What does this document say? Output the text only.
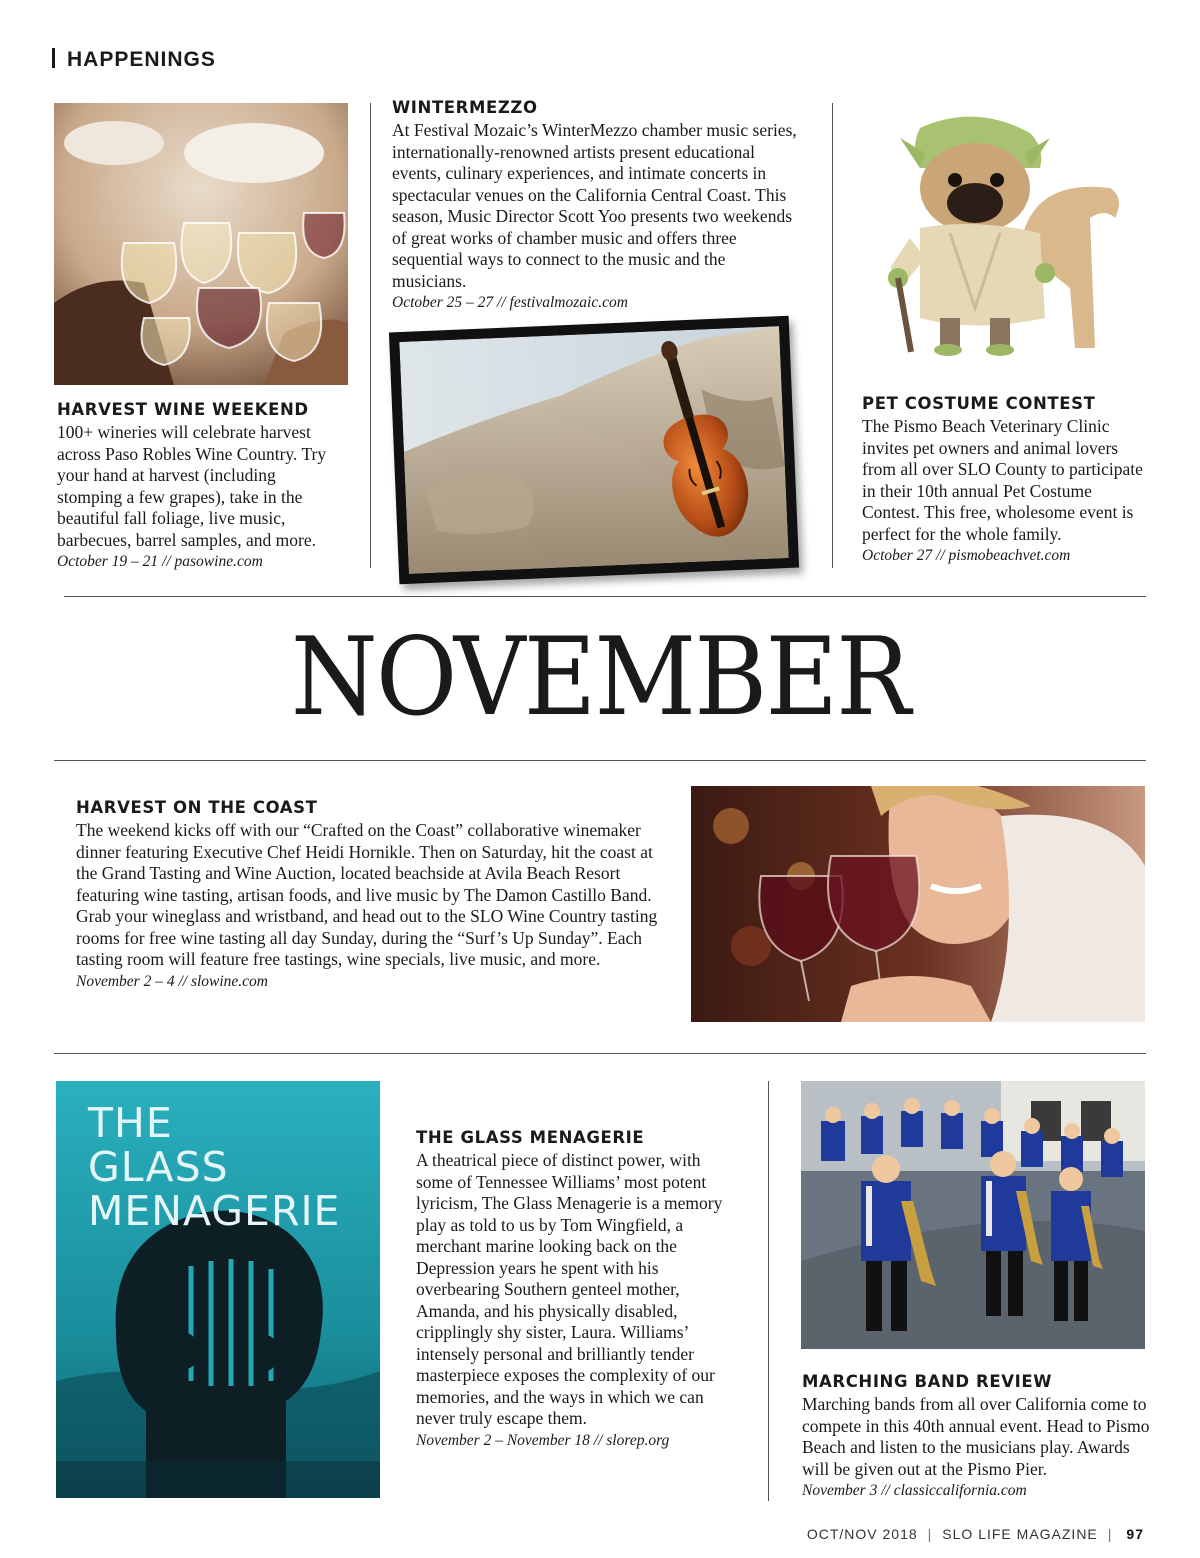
HAPPENINGS
HARVEST WINE WEEKEND

100+ wineries will celebrate harvest across Paso Robles Wine Country. Try your hand at harvest (including stomping a few grapes), take in the beautiful fall foliage, live music, barbecues, barrel samples, and more.

October 19 – 21 // pasowine.com

WINTERMEZZO

At Festival Mozaic’s WinterMezzo chamber music series, internationally-renowned artists present educational events, culinary experiences, and intimate concerts in spectacular venues on the California Central Coast. This season, Music Director Scott Yoo presents two weekends of great works of chamber music and offers three sequential ways to connect to the music and the musicians.

October 25 – 27 // festivalmozaic.com

PET COSTUME CONTEST

The Pismo Beach Veterinary Clinic invites pet owners and animal lovers from all over SLO County to participate in their 10th annual Pet Costume Contest. This free, wholesome event is perfect for the whole family.

October 27 // pismobeachvet.com

NOVEMBER
HARVEST ON THE COAST

The weekend kicks off with our “Crafted on the Coast” collaborative winemaker dinner featuring Executive Chef Heidi Hornikle. Then on Saturday, hit the coast at the Grand Tasting and Wine Auction, located beachside at Avila Beach Resort featuring wine tasting, artisan foods, and live music by The Damon Castillo Band. Grab your wineglass and wristband, and head out to the SLO Wine Country tasting rooms for free wine tasting all day Sunday, during the “Surf’s Up Sunday”. Each tasting room will feature free tastings, wine specials, live music, and more.

November 2 – 4 // slowine.com

THE
GLASS
MENAGERIE
THE GLASS MENAGERIE

A theatrical piece of distinct power, with some of Tennessee Williams’ most potent lyricism, The Glass Menagerie is a memory play as told to us by Tom Wingfield, a merchant marine looking back on the Depression years he spent with his overbearing Southern genteel mother, Amanda, and his physically disabled, cripplingly shy sister, Laura. Williams’ intensely personal and brilliantly tender masterpiece exposes the complexity of our memories, and the ways in which we can never truly escape them.

November 2 – November 18 // slorep.org

MARCHING BAND REVIEW

Marching bands from all over California come to compete in this 40th annual event. Head to Pismo Beach and listen to the musicians play. Awards will be given out at the Pismo Pier.

November 3 // classiccalifornia.com

OCT/NOV 2018 | SLO LIFE MAGAZINE | 97
